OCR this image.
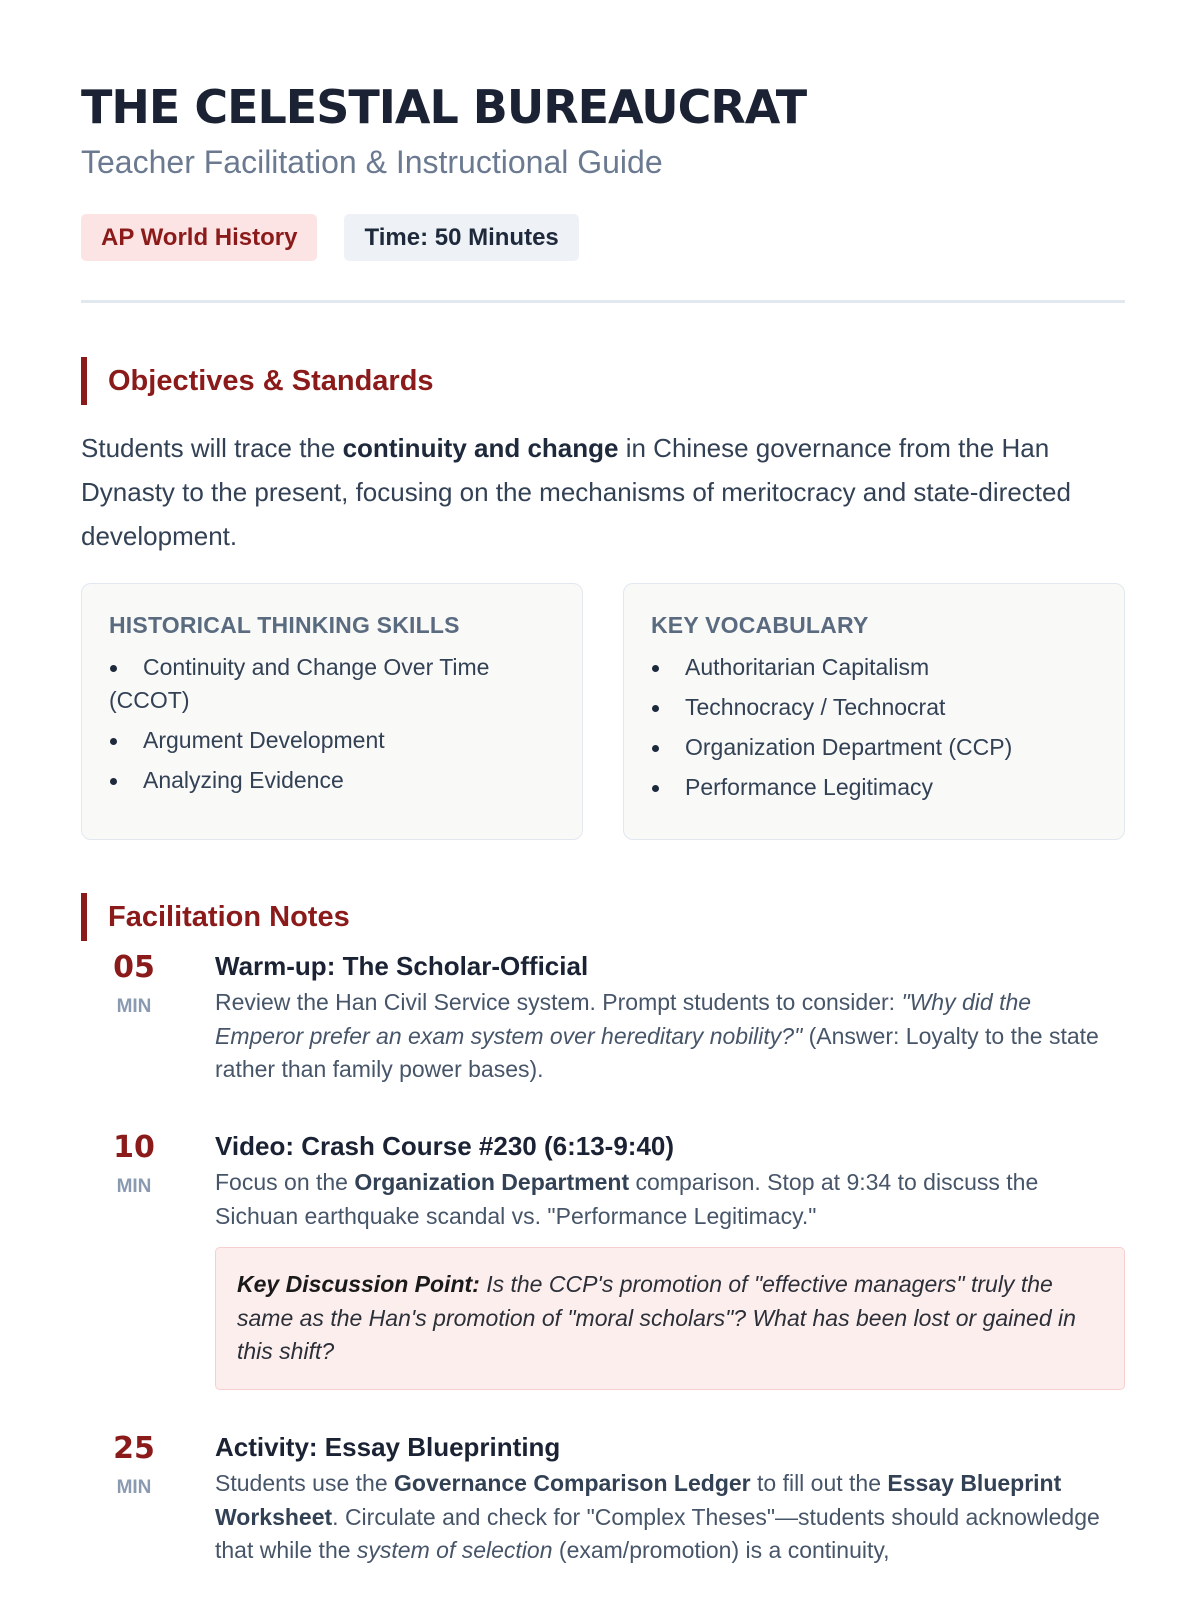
THE CELESTIAL BUREAUCRAT
Teacher Facilitation & Instructional Guide
AP World History	Time: 50 Minutes
Objectives & Standards

Students will trace the continuity and change in Chinese governance from the Han Dynasty to the present, focusing on the mechanisms of meritocracy and state-directed development.

HISTORICAL THINKING SKILLS
Continuity and Change Over Time (CCOT)
Argument Development
Analyzing Evidence
KEY VOCABULARY
Authoritarian Capitalism
Technocracy / Technocrat
Organization Department (CCP)
Performance Legitimacy
Facilitation Notes
05
MIN
Warm-up: The Scholar-Official

Review the Han Civil Service system. Prompt students to consider: "Why did the Emperor prefer an exam system over hereditary nobility?" (Answer: Loyalty to the state rather than family power bases).

10
MIN
Video: Crash Course #230 (6:13-9:40)

Focus on the Organization Department comparison. Stop at 9:34 to discuss the Sichuan earthquake scandal vs. "Performance Legitimacy."

Key Discussion Point: Is the CCP's promotion of "effective managers" truly the same as the Han's promotion of "moral scholars"? What has been lost or gained in this shift?
25
MIN
Activity: Essay Blueprinting

Students use the Governance Comparison Ledger to fill out the Essay Blueprint Worksheet. Circulate and check for "Complex Theses"—students should acknowledge that while the system of selection (exam/promotion) is a continuity,
